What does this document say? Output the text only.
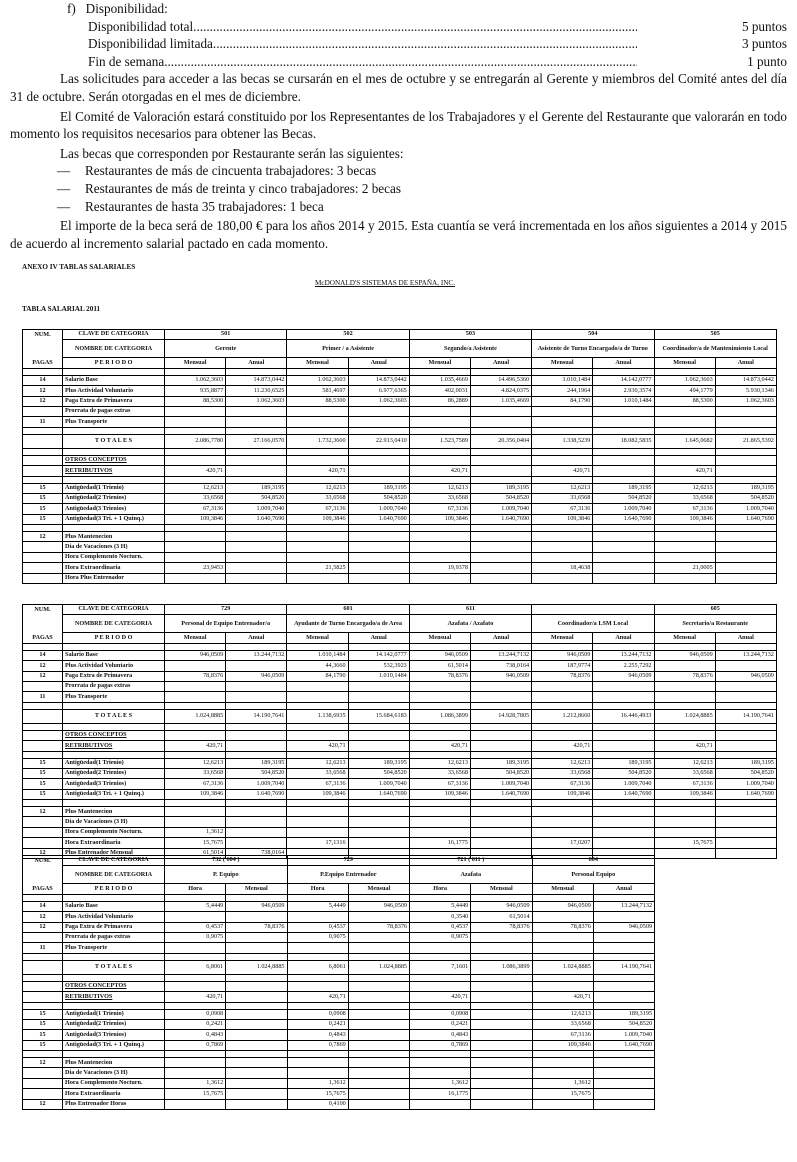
f)   Disponibilidad:

Disponibilidad total .....	5 puntos
Disponibilidad limitada .....	3 puntos
Fin de semana .....	1 punto

Las solicitudes para acceder a las becas se cursarán en el mes de octubre y se entregarán al Gerente y miembros del Comité antes del día 31 de octubre. Serán otorgadas en el mes de diciembre.

El Comité de Valoración estará constituido por los Representantes de los Trabajadores y el Gerente del Restaurante que valorarán en todo momento los requisitos necesarios para obtener las Becas.

Las becas que corresponden por Restaurante serán las siguientes:

— Restaurantes de más de cincuenta trabajadores: 3 becas
— Restaurantes de más de treinta y cinco trabajadores: 2 becas
— Restaurantes de hasta 35 trabajadores: 1 beca

El importe de la beca será de 180,00 € para los años 2014 y 2015. Esta cuantía se verá incrementada en los años siguientes a 2014 y 2015 de acuerdo al incremento salarial pactado en cada momento.

ANEXO IV TABLAS SALARIALES
McDONALD'S SISTEMAS DE ESPAÑA, INC.
TABLA SALARIAL 2011
NUM.	CLAVE DE CATEGORIA	501		502		503		504		505	
	NOMBRE DE CATEGORIA	Gerente		Primer / a Asistente		Segundo/a Asistente		Asistente de Turno Encargado/a de Turno		Coordinador/a de Mantenimiento Local	
PAGAS	P E R I O D O	Mensual	Anual	Mensual	Anual	Mensual	Anual	Mensual	Anual	Mensual	Anual

14	Salario Base	1.062,3603	14.873,0442	1.062,3603	14.873,0442	1.035,4669	14.496,5360	1.010,1484	14.142,0777	1.062,3603	14.873,0442
12	Plus Actividad Voluntario	935,8877	11.230,6525	581,4697	6.977,6365	402,0031	4.824,0375	244,1964	2.930,3574	494,1779	5.930,1346
12	Paga Extra de Primavera	88,5300	1.062,3603	88,5300	1.062,3603	86,2889	1.035,4669	84,1790	1.010,1484	88,5300	1.062,3603
	Prorrata de pagas extras										
11	Plus Transporte										

	T O T A L E S	2.086,7780	27.166,0570	1.732,3600	22.913,0410	1.523,7589	20.356,0404	1.338,5239	18.082,5835	1.645,0682	21.865,5392

	OTROS CONCEPTOS										
	RETRIBUTIVOS	420,71		420,71		420,71		420,71		420,71	

15	Antigüedad(1 Trienio)	12,6213	189,3195	12,6213	189,3195	12,6213	189,3195	12,6213	189,3195	12,6213	189,3195
15	Antigüedad(2 Trienios)	33,6568	504,8520	33,6568	504,8520	33,6568	504,8520	33,6568	504,8520	33,6568	504,8520
15	Antigüedad(3 Trienios)	67,3136	1.009,7040	67,3136	1.009,7040	67,3136	1.009,7040	67,3136	1.009,7040	67,3136	1.009,7040
15	Antigüedad(3 Tri. + 1 Quinq.)	109,3846	1.640,7690	109,3846	1.640,7690	109,3846	1.640,7690	109,3846	1.640,7690	109,3846	1.640,7690

12	Plus Mantenecion										
	Dia de Vacaciones (3 H)										
	Hora Complemento Nocturn.										
	Hora Extraordinaria	23,9453		21,5825		19,9378		18,4638		21,0005	
	Hora Plus Entrenador										
NUM.	CLAVE DE CATEGORIA	729		601		611				605	
	NOMBRE DE CATEGORIA	Personal de Equipo Entrenador/a		Ayudante de Turno Encargado/a de Area		Azafata / Azafato		Coordinador/a LSM Local		Secretario/a Restaurante	
PAGAS	P E R I O D O	Mensual	Anual	Mensual	Anual	Mensual	Anual	Mensual	Anual	Mensual	Anual

14	Salario Base	946,0509	13.244,7132	1.010,1484	14.142,0777	946,0509	13.244,7132	946,0509	13.244,7132	946,0509	13.244,7132
12	Plus Actividad Voluntario			44,3660	532,3923	61,5014	738,0164	187,9774	2.255,7292		
12	Paga Extra de Primavera	78,8376	946,0509	84,1790	1.010,1484	78,8376	946,0509	78,8376	946,0509	78,8376	946,0509
	Prorrata de pagas extras										
11	Plus Transporte										

	T O T A L E S	1.024,8885	14.190,7641	1.138,6935	15.684,6183	1.086,3899	14.928,7805	1.212,8660	16.446,4933	1.024,8885	14.190,7641

	OTROS CONCEPTOS										
	RETRIBUTIVOS	420,71		420,71		420,71		420,71		420,71	

15	Antigüedad(1 Trienio)	12,6213	189,3195	12,6213	189,3195	12,6213	189,3195	12,6213	189,3195	12,6213	189,3195
15	Antigüedad(2 Trienios)	33,6568	504,8520	33,6568	504,8520	33,6568	504,8520	33,6568	504,8520	33,6568	504,8520
15	Antigüedad(3 Trienios)	67,3136	1.009,7040	67,3136	1.009,7040	67,3136	1.009,7040	67,3136	1.009,7040	67,3136	1.009,7040
15	Antigüedad(3 Tri. + 1 Quinq.)	109,3846	1.640,7690	109,3846	1.640,7690	109,3846	1.640,7690	109,3846	1.640,7690	109,3846	1.640,7690

12	Plus Mantenecion										
	Dia de Vacaciones (3 H)										
	Hora Complemento Nocturn.	1,3612									
	Hora Extraordinaria	15,7675		17,1316		16,1775		17,0207		15,7675	
12	Plus Entrenador Mensual	61,5014	738,0164								
NUM.	CLAVE DE CATEGORIA	732 ( 604 )		729		721 ( 611 )		604	
	NOMBRE DE CATEGORIA	P. Equipo		P.Equipo Entrenador		Azafata		Personal Equipo	
PAGAS	P E R I O D O	Hora	Mensual	Hora	Mensual	Hora	Mensual	Mensual	Anual

14	Salario Base	5,4449	946,0509	5,4449	946,0509	5,4449	946,0509	946,0509	13.244,7132
12	Plus Actividad Voluntario					0,3540	61,5014		
12	Paga Extra de Primavera	0,4537	78,8376	0,4537	78,8376	0,4537	78,8376	78,8376	946,0509
	Prorrata de pagas extras	0,9075		0,9075		0,9075			
11	Plus Transporte								

	T O T A L E S	6,8061	1.024,8885	6,8061	1.024,8885	7,1601	1.086,3899	1.024,8885	14.190,7641

	OTROS CONCEPTOS								
	RETRIBUTIVOS	420,71		420,71		420,71		420,71	

15	Antigüedad(1 Trienio)	0,0908		0,0908		0,0908		12,6213	189,3195
15	Antigüedad(2 Trienios)	0,2421		0,2421		0,2421		33,6568	504,8520
15	Antigüedad(3 Trienios)	0,4843		0,4843		0,4843		67,3136	1.009,7040
15	Antigüedad(3 Tri. + 1 Quinq.)	0,7869		0,7869		0,7869		109,3846	1.640,7690

12	Plus Mantenecion								
	Dia de Vacaciones (3 H)								
	Hora Complemento Nocturn.	1,3612		1,3612		1,3612		1,3612	
	Hora Extraordinaria	15,7675		15,7675		16,1775		15,7675	
12	Plus Entrenador Horas			0,4100					
